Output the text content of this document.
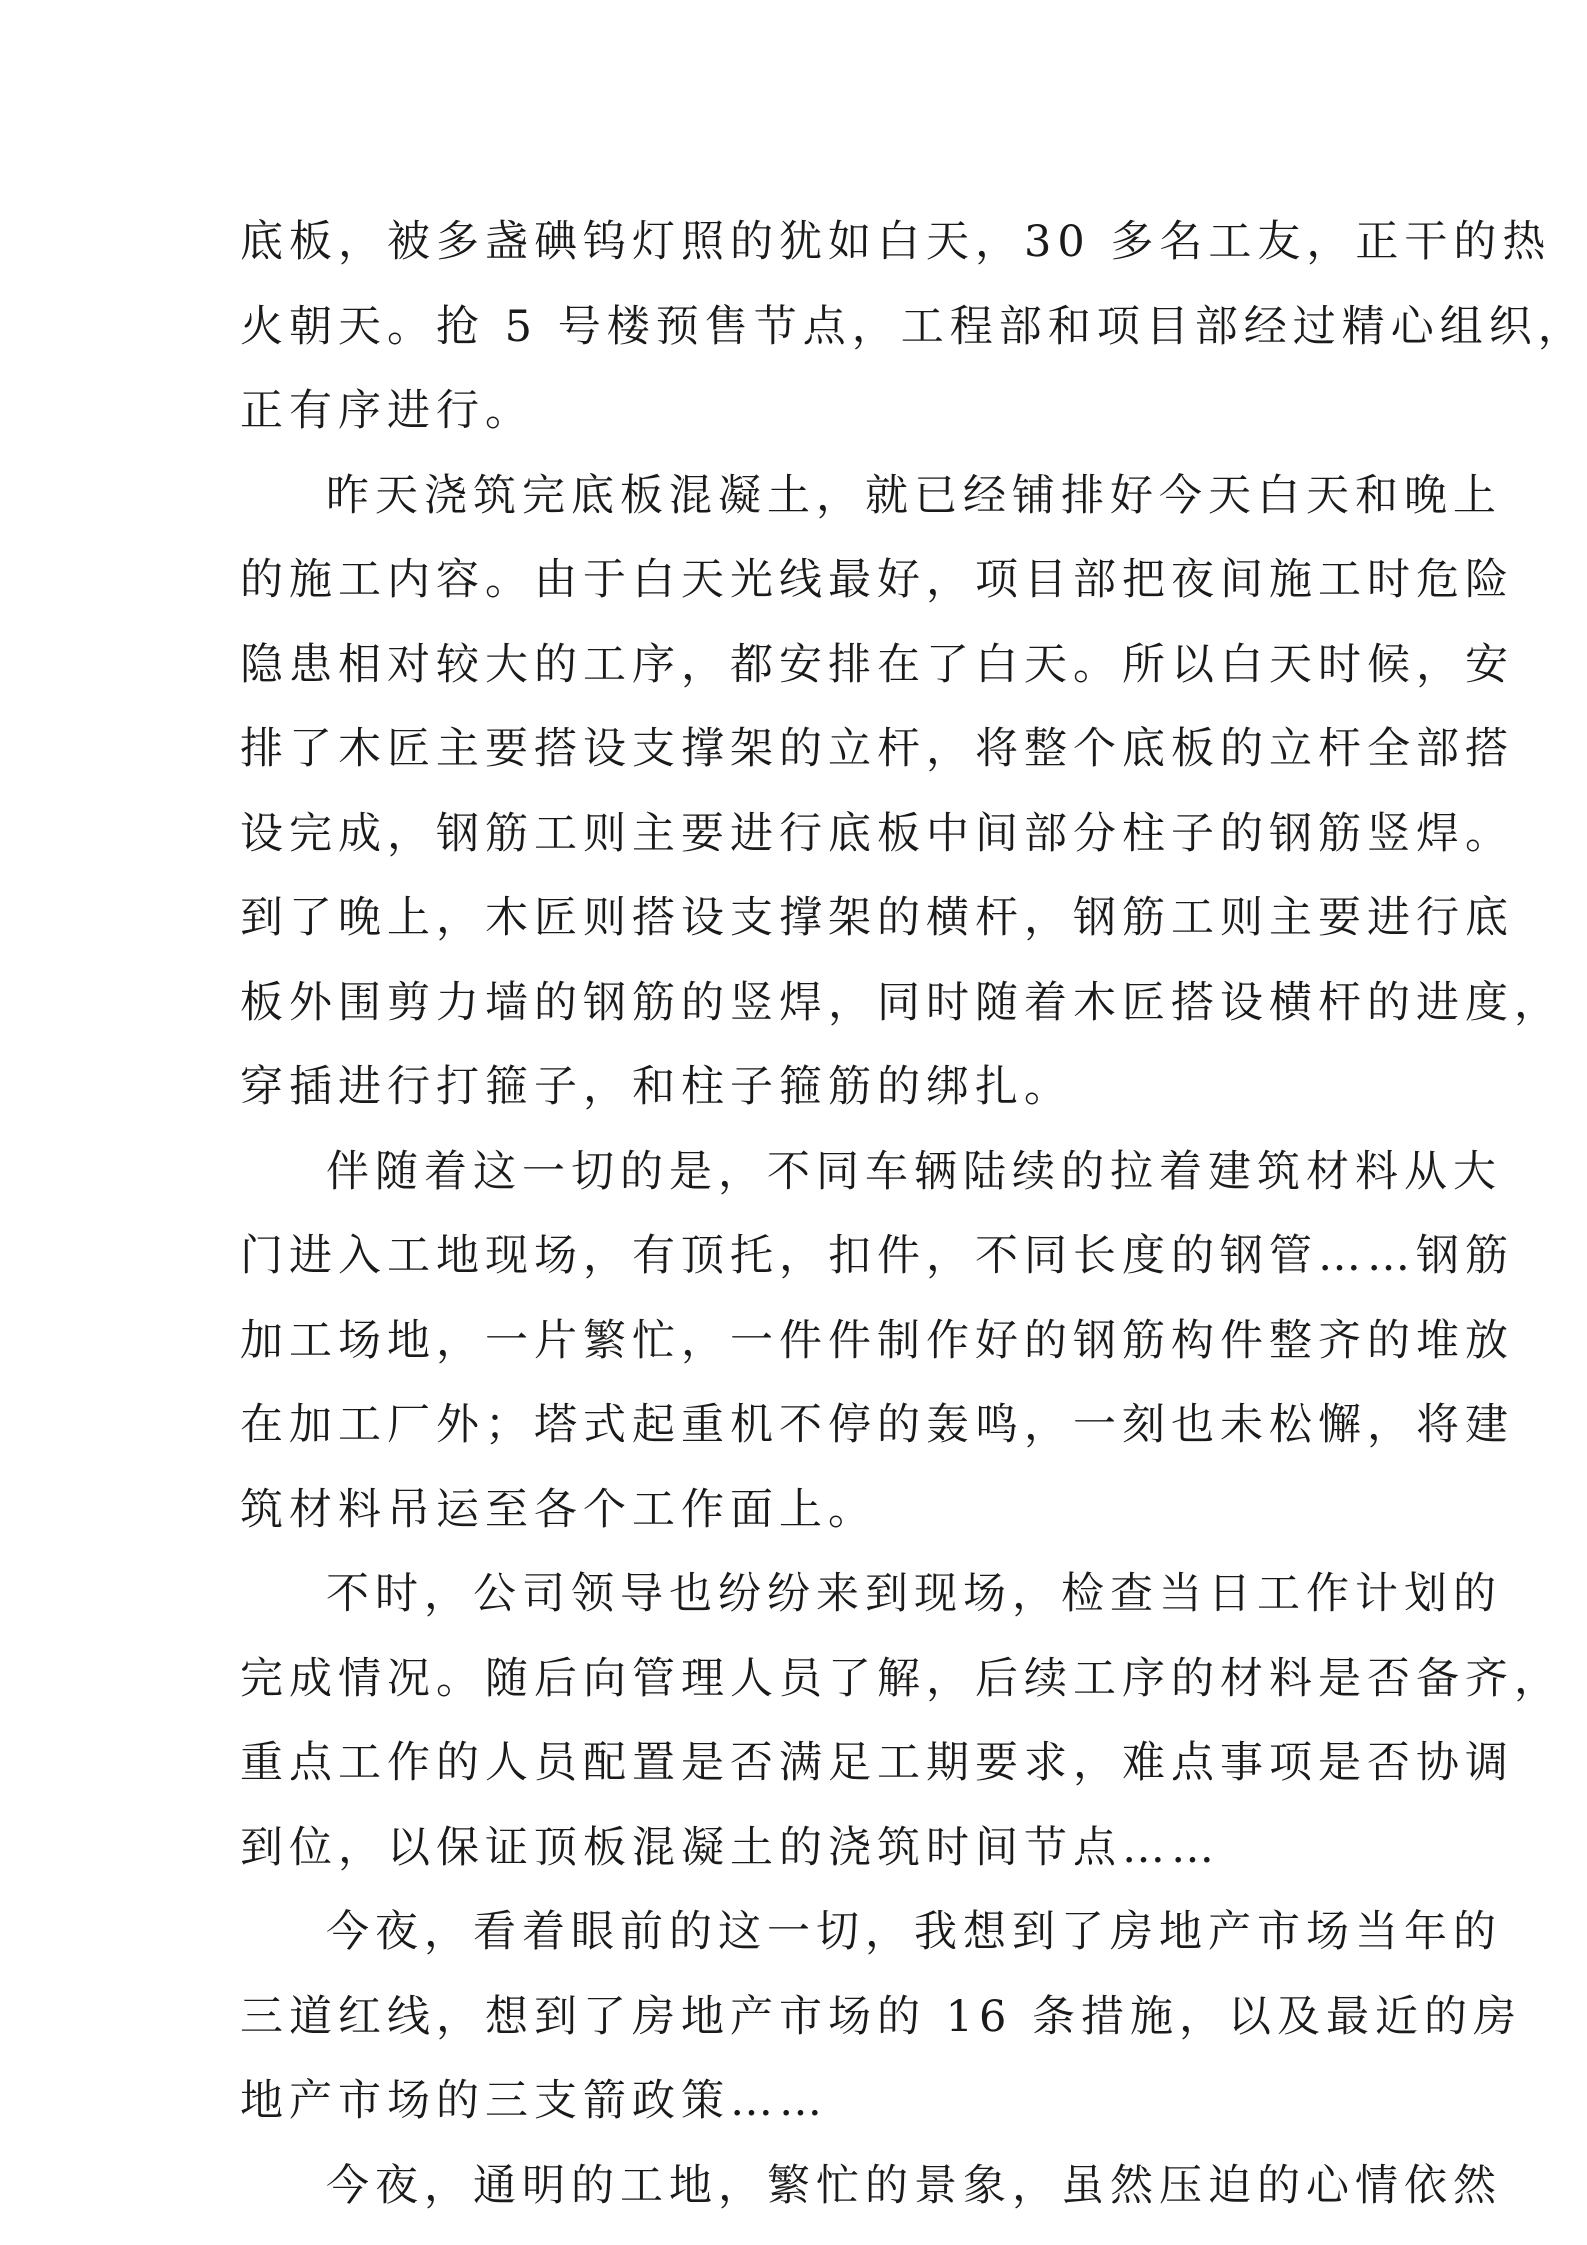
底板，被多盏碘钨灯照的犹如白天，30 多名工友，正干的热
火朝天。抢 5 号楼预售节点，工程部和项目部经过精心组织，
正有序进行。

昨天浇筑完底板混凝土，就已经铺排好今天白天和晚上
的施工内容。由于白天光线最好，项目部把夜间施工时危险
隐患相对较大的工序，都安排在了白天。所以白天时候，安
排了木匠主要搭设支撑架的立杆，将整个底板的立杆全部搭
设完成，钢筋工则主要进行底板中间部分柱子的钢筋竖焊。
到了晚上，木匠则搭设支撑架的横杆，钢筋工则主要进行底
板外围剪力墙的钢筋的竖焊，同时随着木匠搭设横杆的进度，
穿插进行打箍子，和柱子箍筋的绑扎。

伴随着这一切的是，不同车辆陆续的拉着建筑材料从大
门进入工地现场，有顶托，扣件，不同长度的钢管……钢筋
加工场地，一片繁忙，一件件制作好的钢筋构件整齐的堆放
在加工厂外；塔式起重机不停的轰鸣，一刻也未松懈，将建
筑材料吊运至各个工作面上。

不时，公司领导也纷纷来到现场，检查当日工作计划的
完成情况。随后向管理人员了解，后续工序的材料是否备齐，
重点工作的人员配置是否满足工期要求，难点事项是否协调
到位，以保证顶板混凝土的浇筑时间节点……

今夜，看着眼前的这一切，我想到了房地产市场当年的
三道红线，想到了房地产市场的 16 条措施，以及最近的房
地产市场的三支箭政策……

今夜，通明的工地，繁忙的景象，虽然压迫的心情依然
